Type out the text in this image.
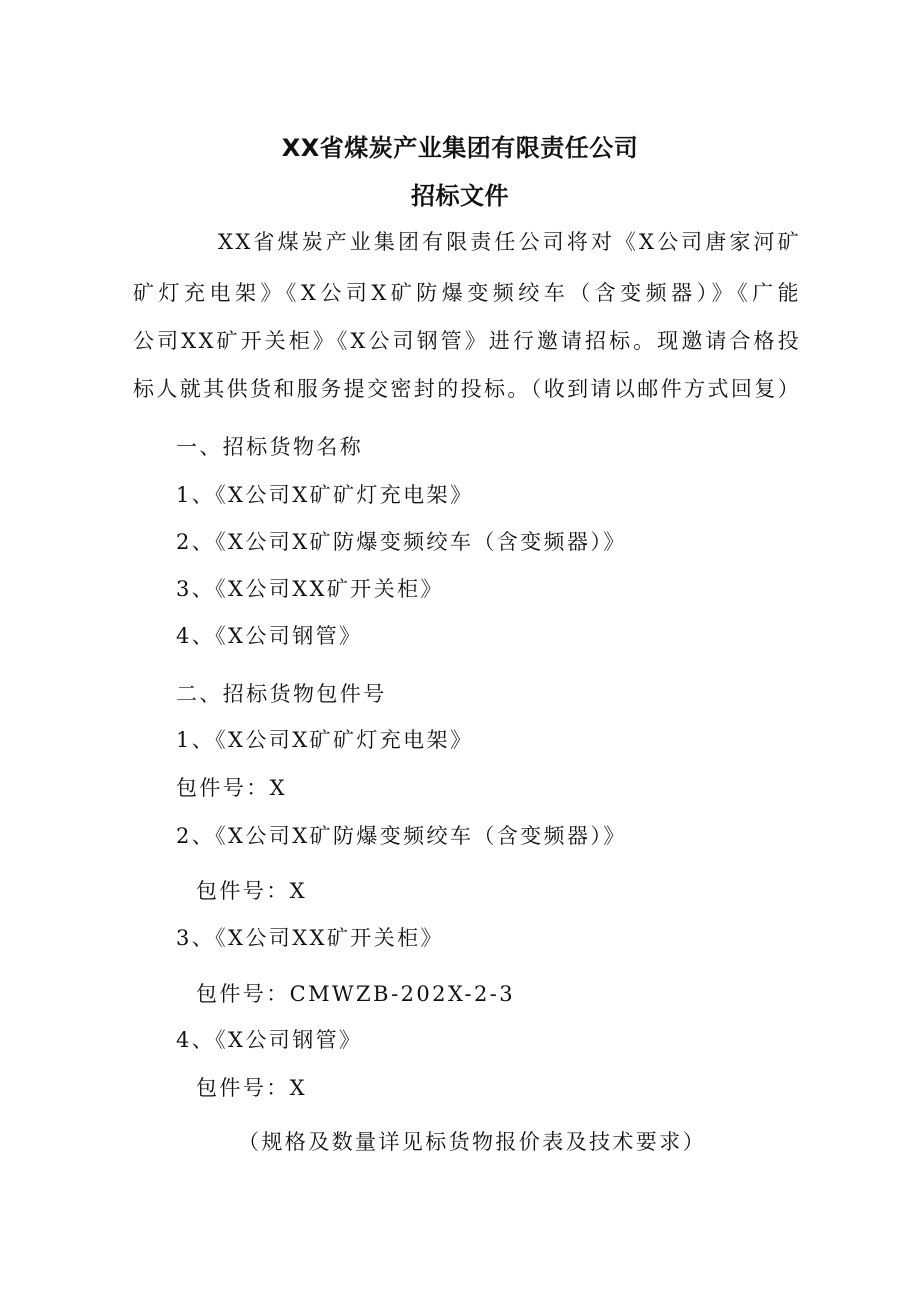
XX省煤炭产业集团有限责任公司
招标文件

XX省煤炭产业集团有限责任公司将对《X公司唐家河矿

矿灯充电架》《X公司X矿防爆变频绞车（含变频器）》《广能

公司XX矿开关柜》《X公司钢管》进行邀请招标。现邀请合格投

标人就其供货和服务提交密封的投标。（收到请以邮件方式回复）

一、招标货物名称

1、《X公司X矿矿灯充电架》

2、《X公司X矿防爆变频绞车（含变频器）》

3、《X公司XX矿开关柜》

4、《X公司钢管》

二、招标货物包件号

1、《X公司X矿矿灯充电架》

包件号：X

2、《X公司X矿防爆变频绞车（含变频器）》

包件号：X

3、《X公司XX矿开关柜》

包件号：CMWZB-202X-2-3

4、《X公司钢管》

包件号：X

（规格及数量详见标货物报价表及技术要求）
